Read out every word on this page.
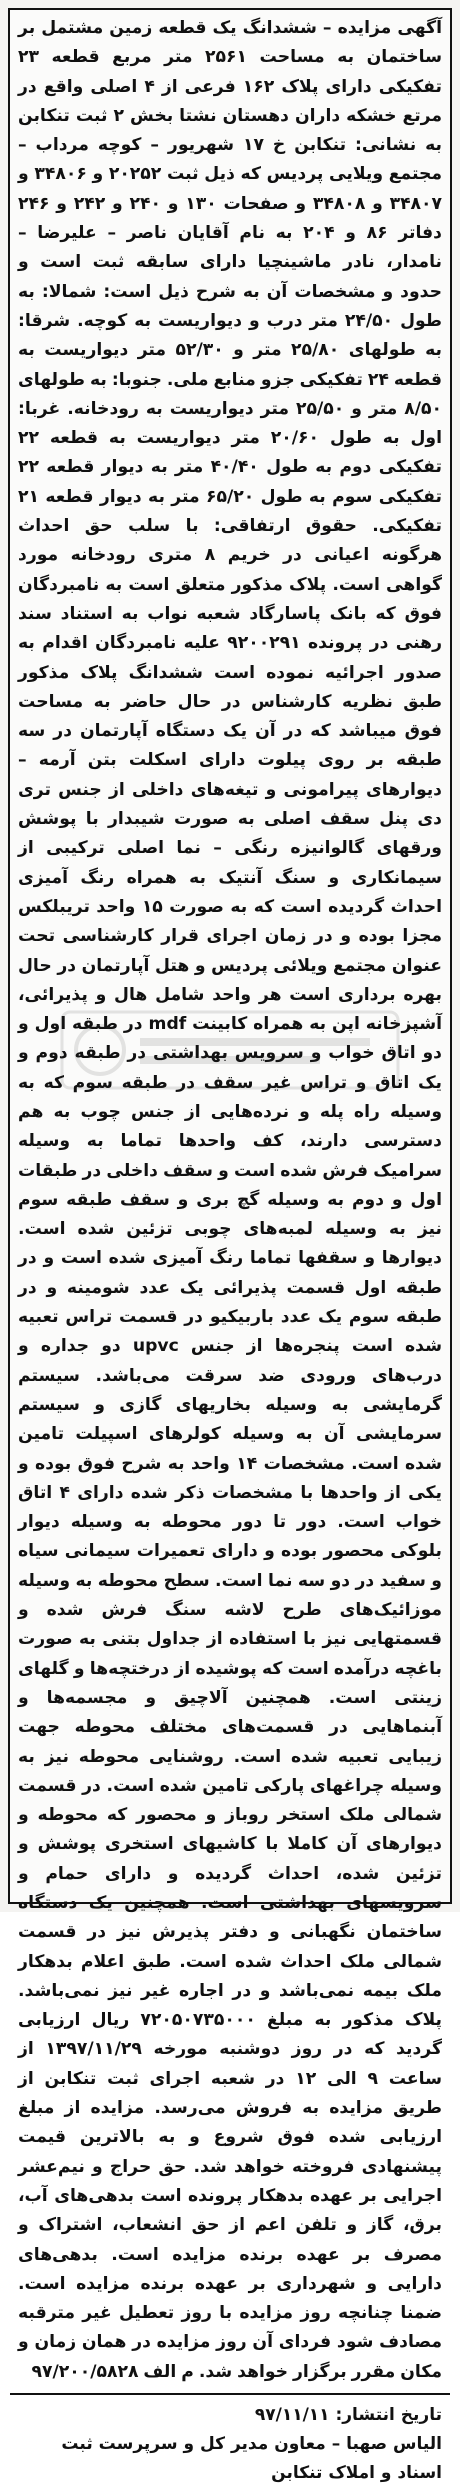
آگهی مزایده – ششدانگ یک قطعه زمین مشتمل بر ساختمان به مساحت ۲۵۶۱ متر مربع قطعه ۲۳ تفکیکی دارای پلاک ۱۶۲ فرعی از ۴ اصلی واقع در مرتع خشکه داران دهستان نشتا بخش ۲ ثبت تنکابن به نشانی: تنکابن خ ۱۷ شهریور – کوچه مرداب – مجتمع ویلایی پردیس که ذیل ثبت ۲۰۲۵۲ و ۳۴۸۰۶ و ۳۴۸۰۷ و ۳۴۸۰۸ و صفحات ۱۳۰ و ۲۴۰ و ۲۴۲ و ۲۴۶ دفاتر ۸۶ و ۲۰۴ به نام آقایان ناصر – علیرضا – نامدار، نادر ماشینچیا دارای سابقه ثبت است و حدود و مشخصات آن به شرح ذیل است: شمالا: به طول ۲۴/۵۰ متر درب و دیواریست به کوچه. شرقا: به طولهای ۲۵/۸۰ متر و ۵۲/۳۰ متر دیواریست به قطعه ۲۴ تفکیکی جزو منابع ملی. جنوبا: به طولهای ۸/۵۰ متر و ۲۵/۵۰ متر دیواریست به رودخانه. غربا: اول به طول ۲۰/۶۰ متر دیواریست به قطعه ۲۲ تفکیکی دوم به طول ۴۰/۴۰ متر به دیوار قطعه ۲۲ تفکیکی سوم به طول ۶۵/۲۰ متر به دیوار قطعه ۲۱ تفکیکی. حقوق ارتفاقی: با سلب حق احداث هرگونه اعیانی در خریم ۸ متری رودخانه مورد گواهی است. پلاک مذکور متعلق است به نامبردگان فوق که بانک پاسارگاد شعبه نواب به استناد سند رهنی در پرونده ۹۲۰۰۲۹۱ علیه نامبردگان اقدام به صدور اجرائیه نموده است ششدانگ پلاک مذکور طبق نظریه کارشناس در حال حاضر به مساحت فوق میباشد که در آن یک دستگاه آپارتمان در سه طبقه بر روی پیلوت دارای اسکلت بتن آرمه – دیوارهای پیرامونی و تیغه‌های داخلی از جنس تری دی پنل سقف اصلی به صورت شیبدار با پوشش ورقهای گالوانیزه رنگی – نما اصلی ترکیبی از سیمانکاری و سنگ آنتیک به همراه رنگ آمیزی احداث گردیده است که به صورت ۱۵ واحد تریبلکس مجزا بوده و در زمان اجرای قرار کارشناسی تحت عنوان مجتمع ویلائی پردیس و هتل آپارتمان در حال بهره برداری است هر واحد شامل هال و پذیرائی، آشپزخانه اپن به همراه کابینت mdf در طبقه اول و دو اتاق خواب و سرویس بهداشتی در طبقه دوم و یک اتاق و تراس غیر سقف در طبقه سوم که به وسیله راه پله و نرده‌هایی از جنس چوب به هم دسترسی دارند، کف واحدها تماما به وسیله سرامیک فرش شده است و سقف داخلی در طبقات اول و دوم به وسیله گچ بری و سقف طبقه سوم نیز به وسیله لمبه‌های چوبی تزئین شده است. دیوارها و سقفها تماما رنگ آمیزی شده است و در طبقه اول قسمت پذیرائی یک عدد شومینه و در طبقه سوم یک عدد باربیکیو در قسمت تراس تعبیه شده است پنجره‌ها از جنس upvc دو جداره و درب‌های ورودی ضد سرقت می‌باشد. سیستم گرمایشی به وسیله بخاریهای گازی و سیستم سرمایشی آن به وسیله کولرهای اسپیلت تامین شده است. مشخصات ۱۴ واحد به شرح فوق بوده و یکی از واحدها با مشخصات ذکر شده دارای ۴ اتاق خواب است. دور تا دور محوطه به وسیله دیوار بلوکی محصور بوده و دارای تعمیرات سیمانی سیاه و سفید در دو سه نما است. سطح محوطه به وسیله موزائیک‌های طرح لاشه سنگ فرش شده و قسمتهایی نیز با استفاده از جداول بتنی به صورت باغچه درآمده است که پوشیده از درختچه‌ها و گلهای زینتی است. همچنین آلاچیق و مجسمه‌ها و آبنماهایی در قسمت‌های مختلف محوطه جهت زیبایی تعبیه شده است. روشنایی محوطه نیز به وسیله چراغهای پارکی تامین شده است. در قسمت شمالی ملک استخر روباز و محصور که محوطه و دیوارهای آن کاملا با کاشیهای استخری پوشش و تزئین شده، احداث گردیده و دارای حمام و سرویسهای بهداشتی است. همچنین یک دستگاه ساختمان نگهبانی و دفتر پذیرش نیز در قسمت شمالی ملک احداث شده است. طبق اعلام بدهکار ملک بیمه نمی‌باشد و در اجاره غیر نیز نمی‌باشد. پلاک مذکور به مبلغ ۷۲۰۵۰۷۳۵۰۰۰ ریال ارزیابی گردید که در روز دوشنبه مورخه ۱۳۹۷/۱۱/۲۹ از ساعت ۹ الی ۱۲ در شعبه اجرای ثبت تنکابن از طریق مزایده به فروش می‌رسد. مزایده از مبلغ ارزیابی شده فوق شروع و به بالاترین قیمت پیشنهادی فروخته خواهد شد. حق حراج و نیم‌عشر اجرایی بر عهده بدهکار پرونده است بدهی‌های آب، برق، گاز و تلفن اعم از حق انشعاب، اشتراک و مصرف بر عهده برنده مزایده است. بدهی‌های دارایی و شهرداری بر عهده برنده مزایده است. ضمنا چنانچه روز مزایده با روز تعطیل غیر مترقبه مصادف شود فردای آن روز مزایده در همان زمان و مکان مقرر برگزار خواهد شد. م الف ۹۷/۲۰۰/۵۸۲۸

تاریخ انتشار: ۹۷/۱۱/۱۱

الیاس صهبا – معاون مدیر کل و سرپرست ثبت اسناد و املاک تنکابن
